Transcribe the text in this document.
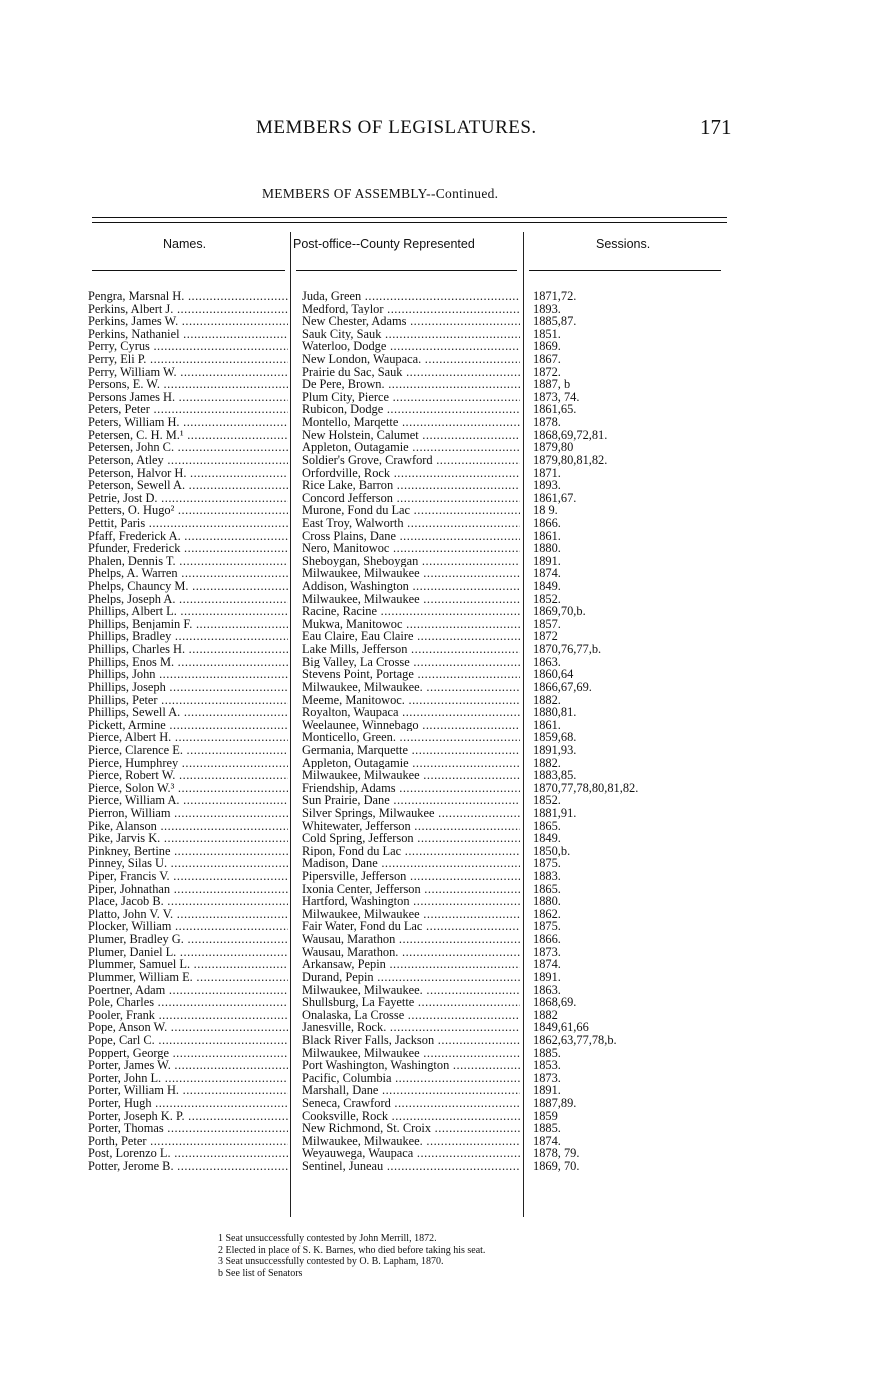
MEMBERS OF LEGISLATURES.	171
MEMBERS OF ASSEMBLY--Continued.
Names.	Post-office--County Represented	Sessions.
Pengra, Marsnal H. .....	Juda, Green .....	1871,72.
Perkins, Albert J. .....	Medford, Taylor .....	1893.
Perkins, James W. .....	New Chester, Adams .....	1885,87.
Perkins, Nathaniel .....	Sauk City, Sauk .....	1851.
Perry, Cyrus .....	Waterloo, Dodge .....	1869.
Perry, Eli P. .....	New London, Waupaca. .....	1867.
Perry, William W. .....	Prairie du Sac, Sauk .....	1872.
Persons, E. W. .....	De Pere, Brown. .....	1887, b
Persons James H. .....	Plum City, Pierce .....	1873, 74.
Peters, Peter .....	Rubicon, Dodge .....	1861,65.
Peters, William H. .....	Montello, Marqette .....	1878.
Petersen, C. H. M.¹ .....	New Holstein, Calumet .....	1868,69,72,81.
Petersen, John C. .....	Appleton, Outagamie .....	1879,80
Peterson, Atley .....	Soldier's Grove, Crawford .....	1879,80,81,82.
Peterson, Halvor H. .....	Orfordville, Rock .....	1871.
Peterson, Sewell A. .....	Rice Lake, Barron .....	1893.
Petrie, Jost D. .....	Concord Jefferson .....	1861,67.
Petters, O. Hugo² .....	Murone, Fond du Lac .....	18 9.
Pettit, Paris .....	East Troy, Walworth .....	1866.
Pfaff, Frederick A. .....	Cross Plains, Dane .....	1861.
Pfunder, Frederick .....	Nero, Manitowoc .....	1880.
Phalen, Dennis T. .....	Sheboygan, Sheboygan .....	1891.
Phelps, A. Warren .....	Milwaukee, Milwaukee .....	1874.
Phelps, Chauncy M. .....	Addison, Washington .....	1849.
Phelps, Joseph A. .....	Milwaukee, Milwaukee .....	1852.
Phillips, Albert L. .....	Racine, Racine .....	1869,70,b.
Phillips, Benjamin F. .....	Mukwa, Manitowoc .....	1857.
Phillips, Bradley .....	Eau Claire, Eau Claire .....	1872
Phillips, Charles H. .....	Lake Mills, Jefferson .....	1870,76,77,b.
Phillips, Enos M. .....	Big Valley, La Crosse .....	1863.
Phillips, John .....	Stevens Point, Portage .....	1860,64
Phillips, Joseph .....	Milwaukee, Milwaukee. .....	1866,67,69.
Phillips, Peter .....	Meeme, Manitowoc. .....	1882.
Phillips, Sewell A. .....	Royalton, Waupaca .....	1880,81.
Pickett, Armine .....	Weelaunee, Winnebago .....	1861.
Pierce, Albert H. .....	Monticello, Green. .....	1859,68.
Pierce, Clarence E. .....	Germania, Marquette .....	1891,93.
Pierce, Humphrey .....	Appleton, Outagamie .....	1882.
Pierce, Robert W. .....	Milwaukee, Milwaukee .....	1883,85.
Pierce, Solon W.³ .....	Friendship, Adams .....	1870,77,78,80,81,82.
Pierce, William A. .....	Sun Prairie, Dane .....	1852.
Pierron, William .....	Silver Springs, Milwaukee .....	1881,91.
Pike, Alanson .....	Whitewater, Jefferson .....	1865.
Pike, Jarvis K. .....	Cold Spring, Jefferson .....	1849.
Pinkney, Bertine .....	Ripon, Fond du Lac .....	1850,b.
Pinney, Silas U. .....	Madison, Dane .....	1875.
Piper, Francis V. .....	Pipersville, Jefferson .....	1883.
Piper, Johnathan .....	Ixonia Center, Jefferson .....	1865.
Place, Jacob B. .....	Hartford, Washington .....	1880.
Platto, John V. V. .....	Milwaukee, Milwaukee .....	1862.
Plocker, William .....	Fair Water, Fond du Lac .....	1875.
Plumer, Bradley G. .....	Wausau, Marathon .....	1866.
Plumer, Daniel L. .....	Wausau, Marathon. .....	1873.
Plummer, Samuel L. .....	Arkansaw, Pepin .....	1874.
Plummer, William E. .....	Durand, Pepin .....	1891.
Poertner, Adam .....	Milwaukee, Milwaukee. .....	1863.
Pole, Charles .....	Shullsburg, La Fayette .....	1868,69.
Pooler, Frank .....	Onalaska, La Crosse .....	1882
Pope, Anson W. .....	Janesville, Rock. .....	1849,61,66
Pope, Carl C. .....	Black River Falls, Jackson .....	1862,63,77,78,b.
Poppert, George .....	Milwaukee, Milwaukee .....	1885.
Porter, James W. .....	Port Washington, Washington .....	1853.
Porter, John L. .....	Pacific, Columbia .....	1873.
Porter, William H. .....	Marshall, Dane .....	1891.
Porter, Hugh .....	Seneca, Crawford .....	1887,89.
Porter, Joseph K. P. .....	Cooksville, Rock .....	1859
Porter, Thomas .....	New Richmond, St. Croix .....	1885.
Porth, Peter .....	Milwaukee, Milwaukee. .....	1874.
Post, Lorenzo L. .....	Weyauwega, Waupaca .....	1878, 79.
Potter, Jerome B. .....	Sentinel, Juneau .....	1869, 70.
1 Seat unsuccessfully contested by John Merrill, 1872.
2 Elected in place of S. K. Barnes, who died before taking his seat.
3 Seat unsuccessfully contested by O. B. Lapham, 1870.
b See list of Senators
